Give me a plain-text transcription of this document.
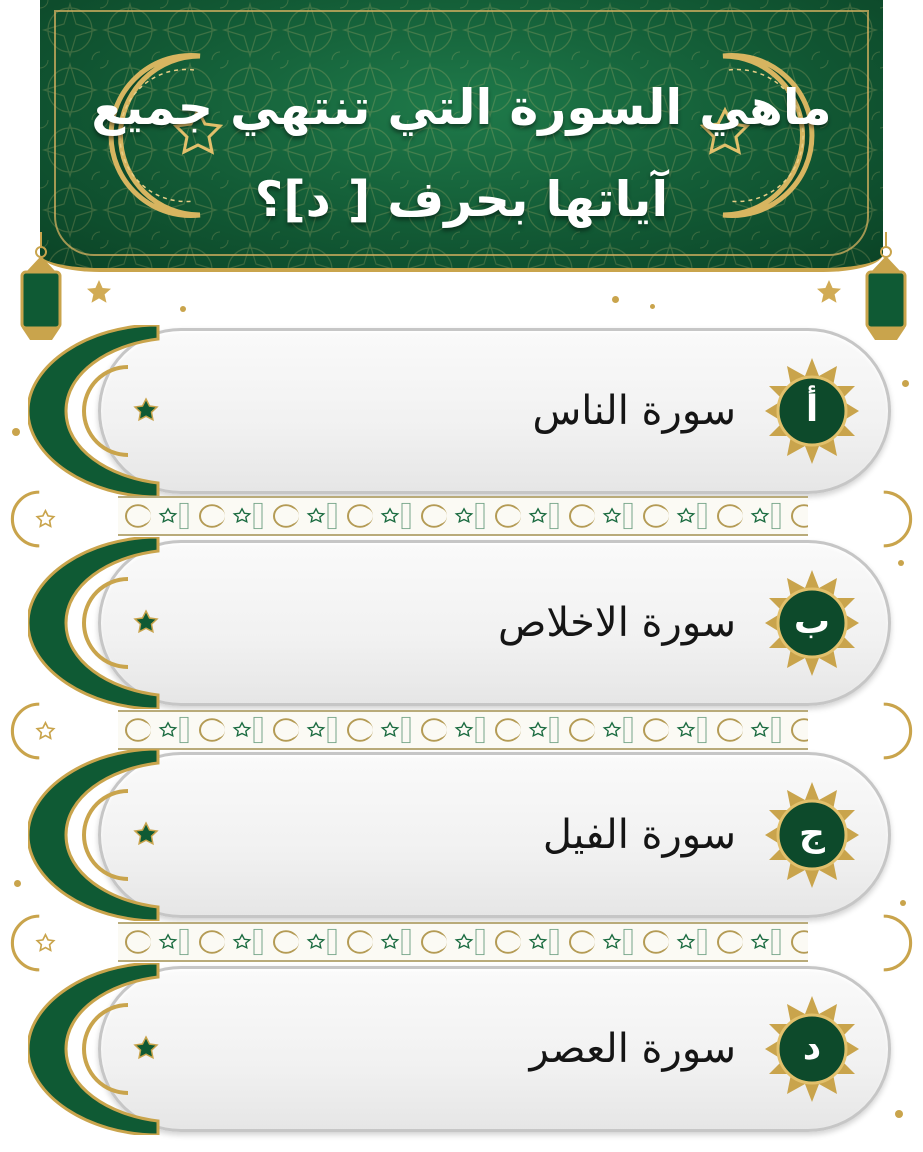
ماهي السورة التي تنتهي جميع
آياتها بحرف [ د]؟
أ
سورة الناس
ب
سورة الاخلاص
ج
سورة الفيل
د
سورة العصر
